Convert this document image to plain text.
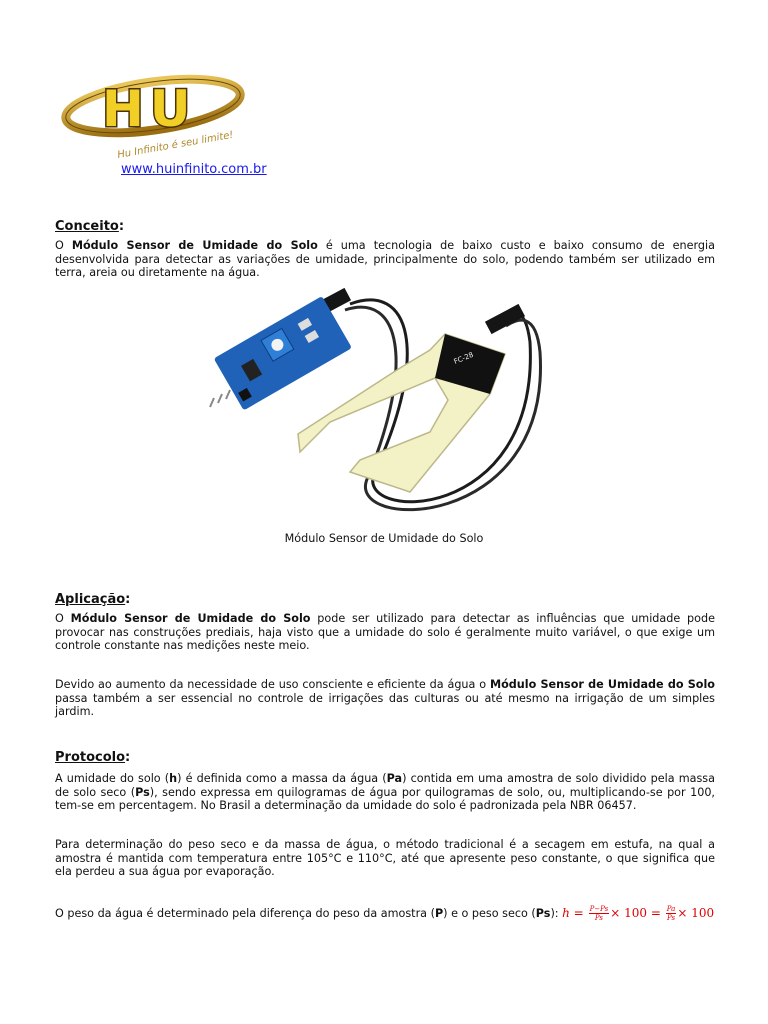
HU
Hu Infinito é seu limite!
www.huinfinito.com.br
Conceito:
O Módulo Sensor de Umidade do Solo é uma tecnologia de baixo custo e baixo consumo de energia desenvolvida para detectar as variações de umidade, principalmente do solo, podendo também ser utilizado em terra, areia ou diretamente na água.
FC-28
Módulo Sensor de Umidade do Solo
Aplicação:
O Módulo Sensor de Umidade do Solo pode ser utilizado para detectar as influências que umidade pode provocar nas construções prediais, haja visto que a umidade do solo é geralmente muito variável, o que exige um controle constante nas medições neste meio.
Devido ao aumento da necessidade de uso consciente e eficiente da água o Módulo Sensor de Umidade do Solo passa também a ser essencial no controle de irrigações das culturas ou até mesmo na irrigação de um simples jardim.
Protocolo:
A umidade do solo (h) é definida como a massa da água (Pa) contida em uma amostra de solo dividido pela massa de solo seco (Ps), sendo expressa em quilogramas de água por quilogramas de solo, ou, multiplicando-se por 100, tem-se em percentagem. No Brasil a determinação da umidade do solo é padronizada pela NBR 06457.
Para determinação do peso seco e da massa de água, o método tradicional é a secagem em estufa, na qual a amostra é mantida com temperatura entre 105°C e 110°C, até que apresente peso constante, o que significa que ela perdeu a sua água por evaporação.
O peso da água é determinado pela diferença do peso da amostra (P) e o peso seco (Ps): $h = \frac{P-Ps}{Ps} \times 100 = \frac{Pa}{Ps} \times 100$
